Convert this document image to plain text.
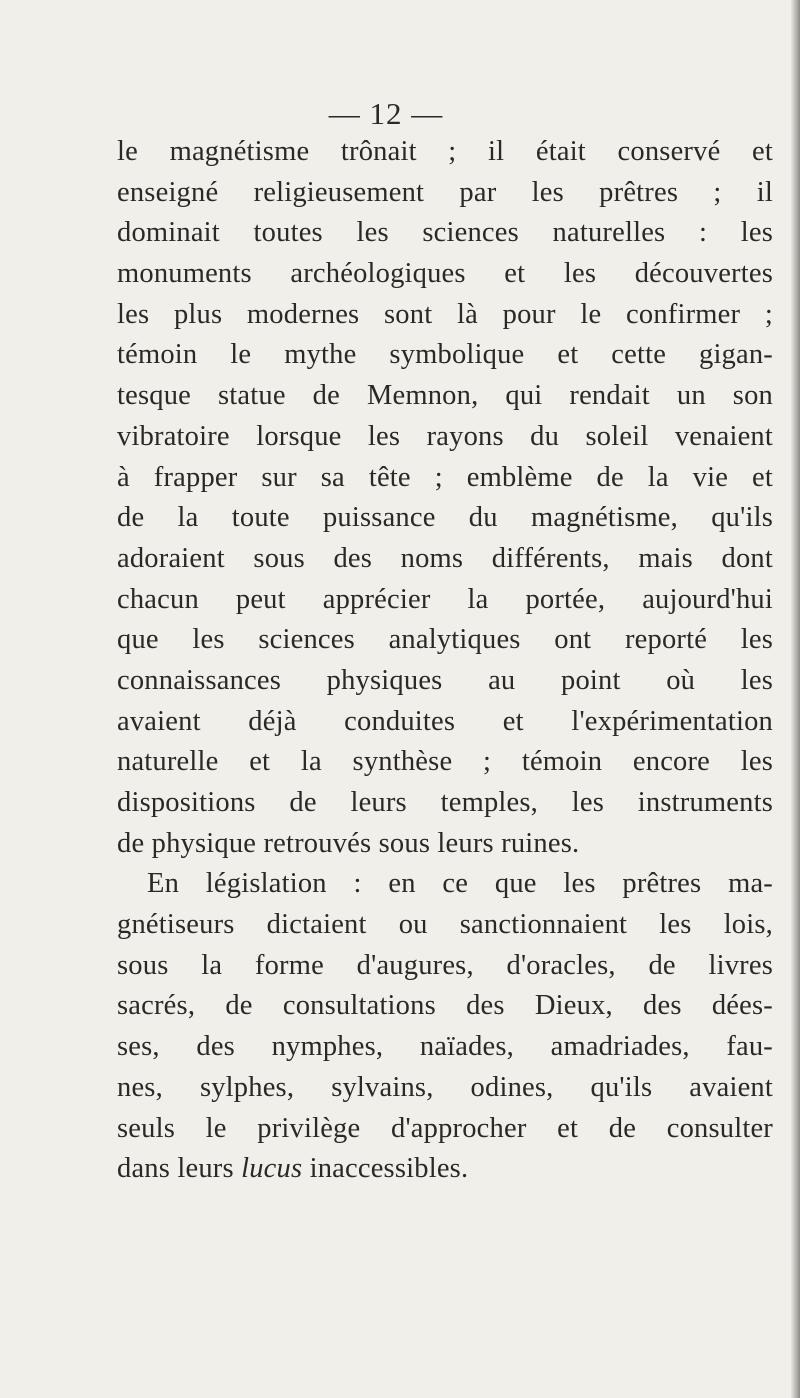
— 12 —
le magnétisme trônait ; il était conservé et
enseigné religieusement par les prêtres ; il
dominait toutes les sciences naturelles : les
monuments archéologiques et les découvertes
les plus modernes sont là pour le confirmer ;
témoin le mythe symbolique et cette gigan-
tesque statue de Memnon, qui rendait un son
vibratoire lorsque les rayons du soleil venaient
à frapper sur sa tête ; emblème de la vie et
de la toute puissance du magnétisme, qu'ils
adoraient sous des noms différents, mais dont
chacun peut apprécier la portée, aujourd'hui
que les sciences analytiques ont reporté les
connaissances physiques au point où les
avaient déjà conduites et l'expérimentation
naturelle et la synthèse ; témoin encore les
dispositions de leurs temples, les instruments
de physique retrouvés sous leurs ruines.
En législation : en ce que les prêtres ma-
gnétiseurs dictaient ou sanctionnaient les lois,
sous la forme d'augures, d'oracles, de livres
sacrés, de consultations des Dieux, des dées-
ses, des nymphes, naïades, amadriades, fau-
nes, sylphes, sylvains, odines, qu'ils avaient
seuls le privilège d'approcher et de consulter
dans leurs lucus inaccessibles.
